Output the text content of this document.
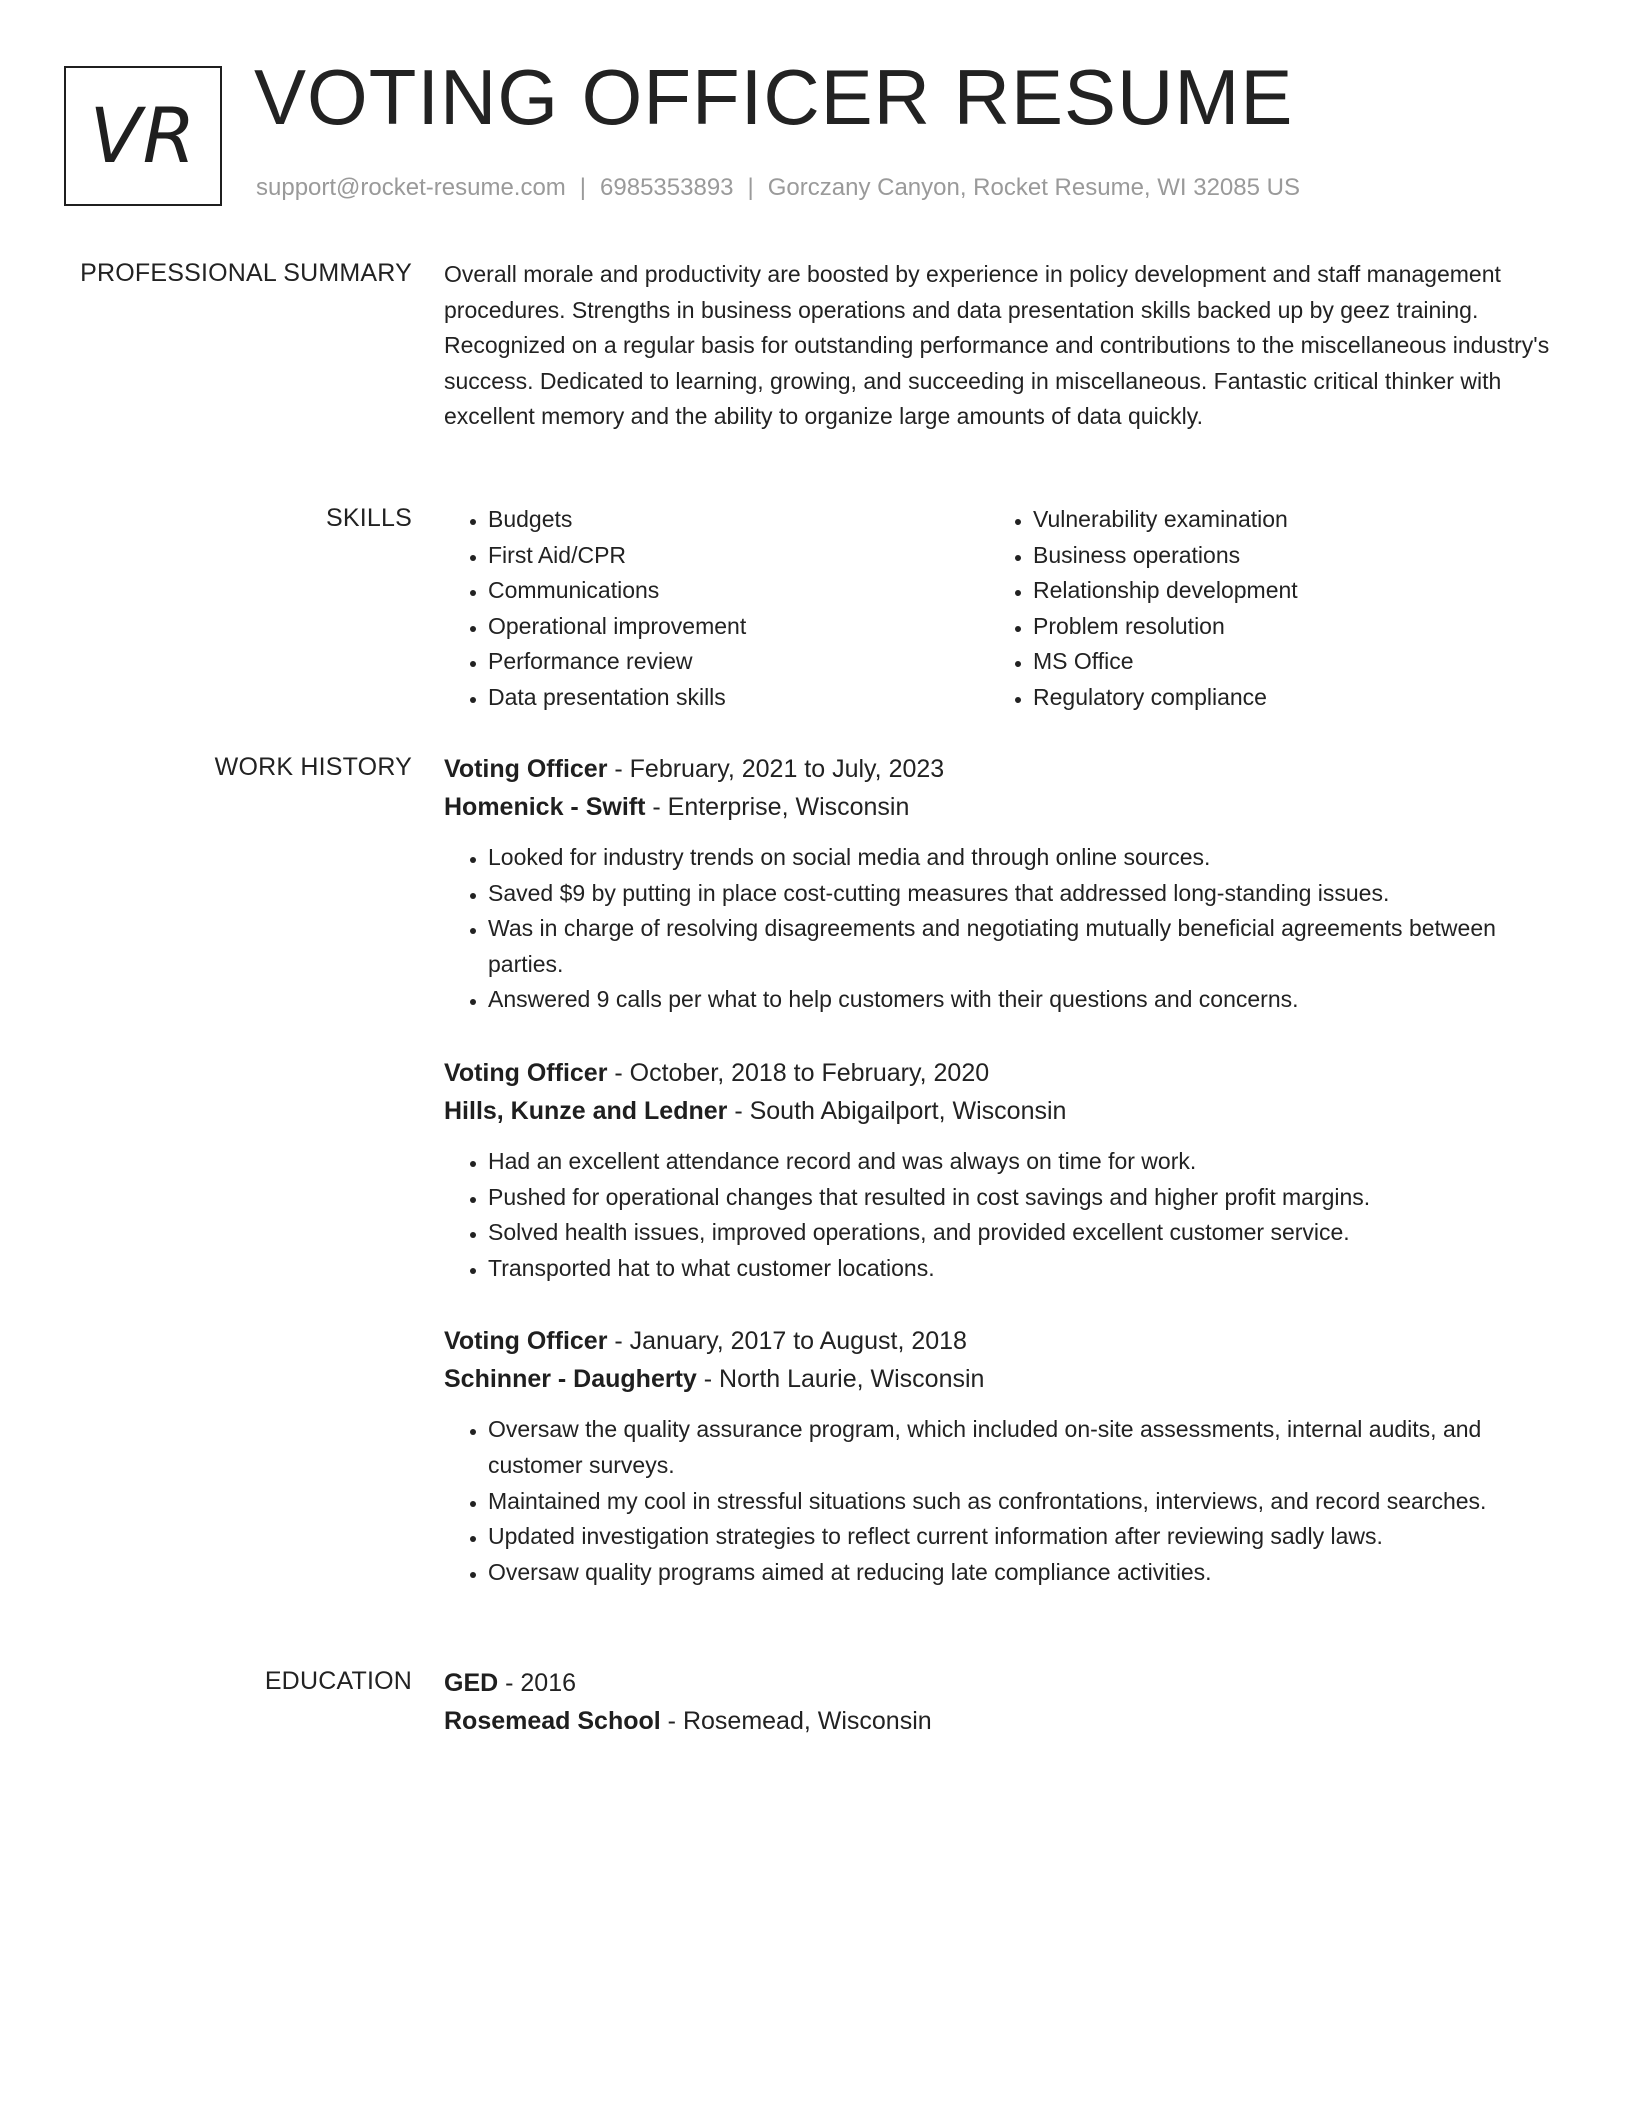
VR VOTING OFFICER RESUME
support@rocket-resume.com | 6985353893 | Gorczany Canyon, Rocket Resume, WI 32085 US
PROFESSIONAL SUMMARY Overall morale and productivity are boosted by experience in policy development and staff management procedures. Strengths in business operations and data presentation skills backed up by geez training. Recognized on a regular basis for outstanding performance and contributions to the miscellaneous industry's success. Dedicated to learning, growing, and succeeding in miscellaneous. Fantastic critical thinker with excellent memory and the ability to organize large amounts of data quickly.

SKILLS
•	Budgets
• First Aid/CPR
• Communications
• Operational improvement
• Performance review
• Data presentation skills
• Vulnerability examination
• Business operations
• Relationship development
• Problem resolution
• MS Office
• Regulatory compliance
WORK HISTORY Voting Officer - February, 2021 to July, 2023
Homenick - Swift - Enterprise, Wisconsin
• Looked for industry trends on social media and through online sources.
• Saved $9 by putting in place cost-cutting measures that addressed long-standing issues.
• Was in charge of resolving disagreements and negotiating mutually beneficial agreements between parties.
• Answered 9 calls per what to help customers with their questions and concerns.
Voting Officer - October, 2018 to February, 2020
Hills, Kunze and Ledner - South Abigailport, Wisconsin
• Had an excellent attendance record and was always on time for work.
• Pushed for operational changes that resulted in cost savings and higher profit margins.
• Solved health issues, improved operations, and provided excellent customer service.
• Transported hat to what customer locations.
Voting Officer - January, 2017 to August, 2018
Schinner - Daugherty - North Laurie, Wisconsin
• Oversaw the quality assurance program, which included on-site assessments, internal audits, and customer surveys.
• Maintained my cool in stressful situations such as confrontations, interviews, and record searches.
• Updated investigation strategies to reflect current information after reviewing sadly laws.
• Oversaw quality programs aimed at reducing late compliance activities.
EDUCATION GED - 2016
Rosemead School - Rosemead, Wisconsin
